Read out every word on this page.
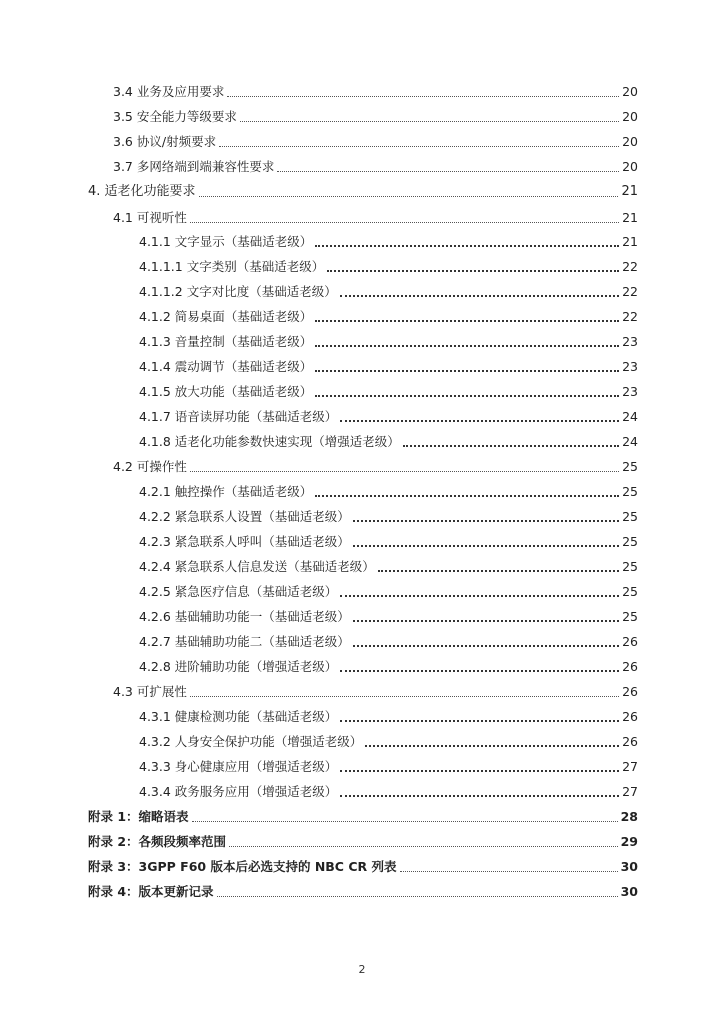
3.4 业务及应用要求	20
3.5 安全能力等级要求	20
3.6 协议/射频要求	20
3.7 多网络端到端兼容性要求	20
4. 适老化功能要求	21
4.1 可视听性	21
4.1.1 文字显示（基础适老级）	21
4.1.1.1 文字类别（基础适老级）	22
4.1.1.2 文字对比度（基础适老级）	22
4.1.2 简易桌面（基础适老级）	22
4.1.3 音量控制（基础适老级）	23
4.1.4 震动调节（基础适老级）	23
4.1.5 放大功能（基础适老级）	23
4.1.7 语音读屏功能（基础适老级）	24
4.1.8 适老化功能参数快速实现（增强适老级）	24
4.2 可操作性	25
4.2.1 触控操作（基础适老级）	25
4.2.2 紧急联系人设置（基础适老级）	25
4.2.3 紧急联系人呼叫（基础适老级）	25
4.2.4 紧急联系人信息发送（基础适老级）	25
4.2.5 紧急医疗信息（基础适老级）	25
4.2.6 基础辅助功能一（基础适老级）	25
4.2.7 基础辅助功能二（基础适老级）	26
4.2.8 进阶辅助功能（增强适老级）	26
4.3 可扩展性	26
4.3.1 健康检测功能（基础适老级）	26
4.3.2 人身安全保护功能（增强适老级）	26
4.3.3 身心健康应用（增强适老级）	27
4.3.4 政务服务应用（增强适老级）	27
附录 1：缩略语表	28
附录 2：各频段频率范围	29
附录 3：3GPP F60 版本后必选支持的 NBC CR 列表	30
附录 4：版本更新记录	30
2
